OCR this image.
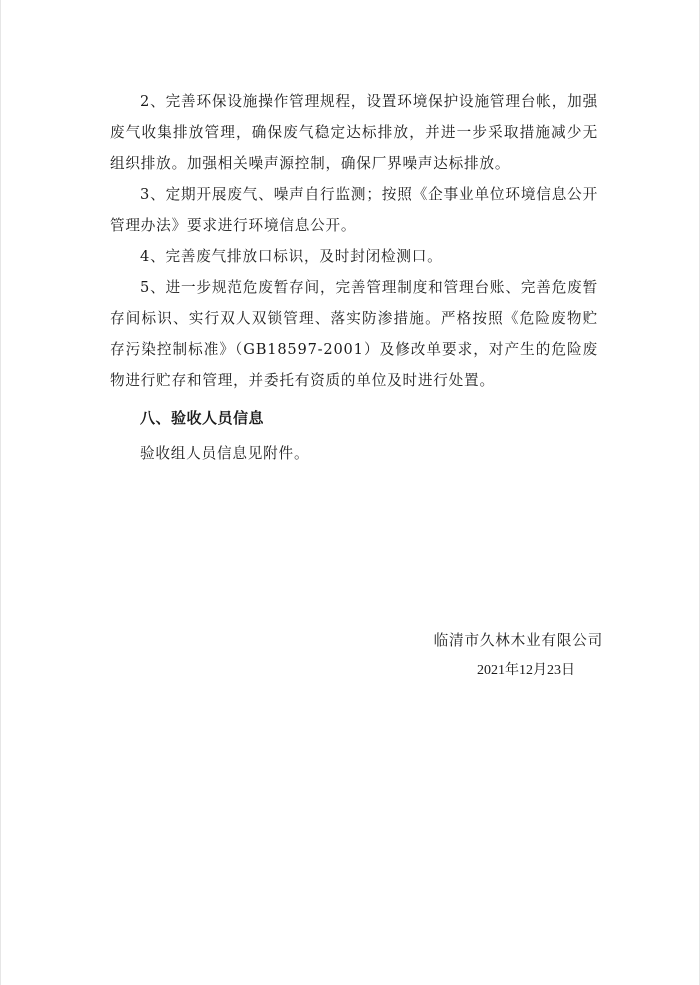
2、完善环保设施操作管理规程，设置环境保护设施管理台帐，加强废气收集排放管理，确保废气稳定达标排放，并进一步采取措施减少无组织排放。加强相关噪声源控制，确保厂界噪声达标排放。

3、定期开展废气、噪声自行监测；按照《企事业单位环境信息公开管理办法》要求进行环境信息公开。

4、完善废气排放口标识，及时封闭检测口。

5、进一步规范危废暂存间，完善管理制度和管理台账、完善危废暂存间标识、实行双人双锁管理、落实防渗措施。严格按照《危险废物贮存污染控制标准》（GB18597-2001）及修改单要求，对产生的危险废物进行贮存和管理，并委托有资质的单位及时进行处置。

八、验收人员信息

验收组人员信息见附件。

临清市久林木业有限公司
2021年12月23日
